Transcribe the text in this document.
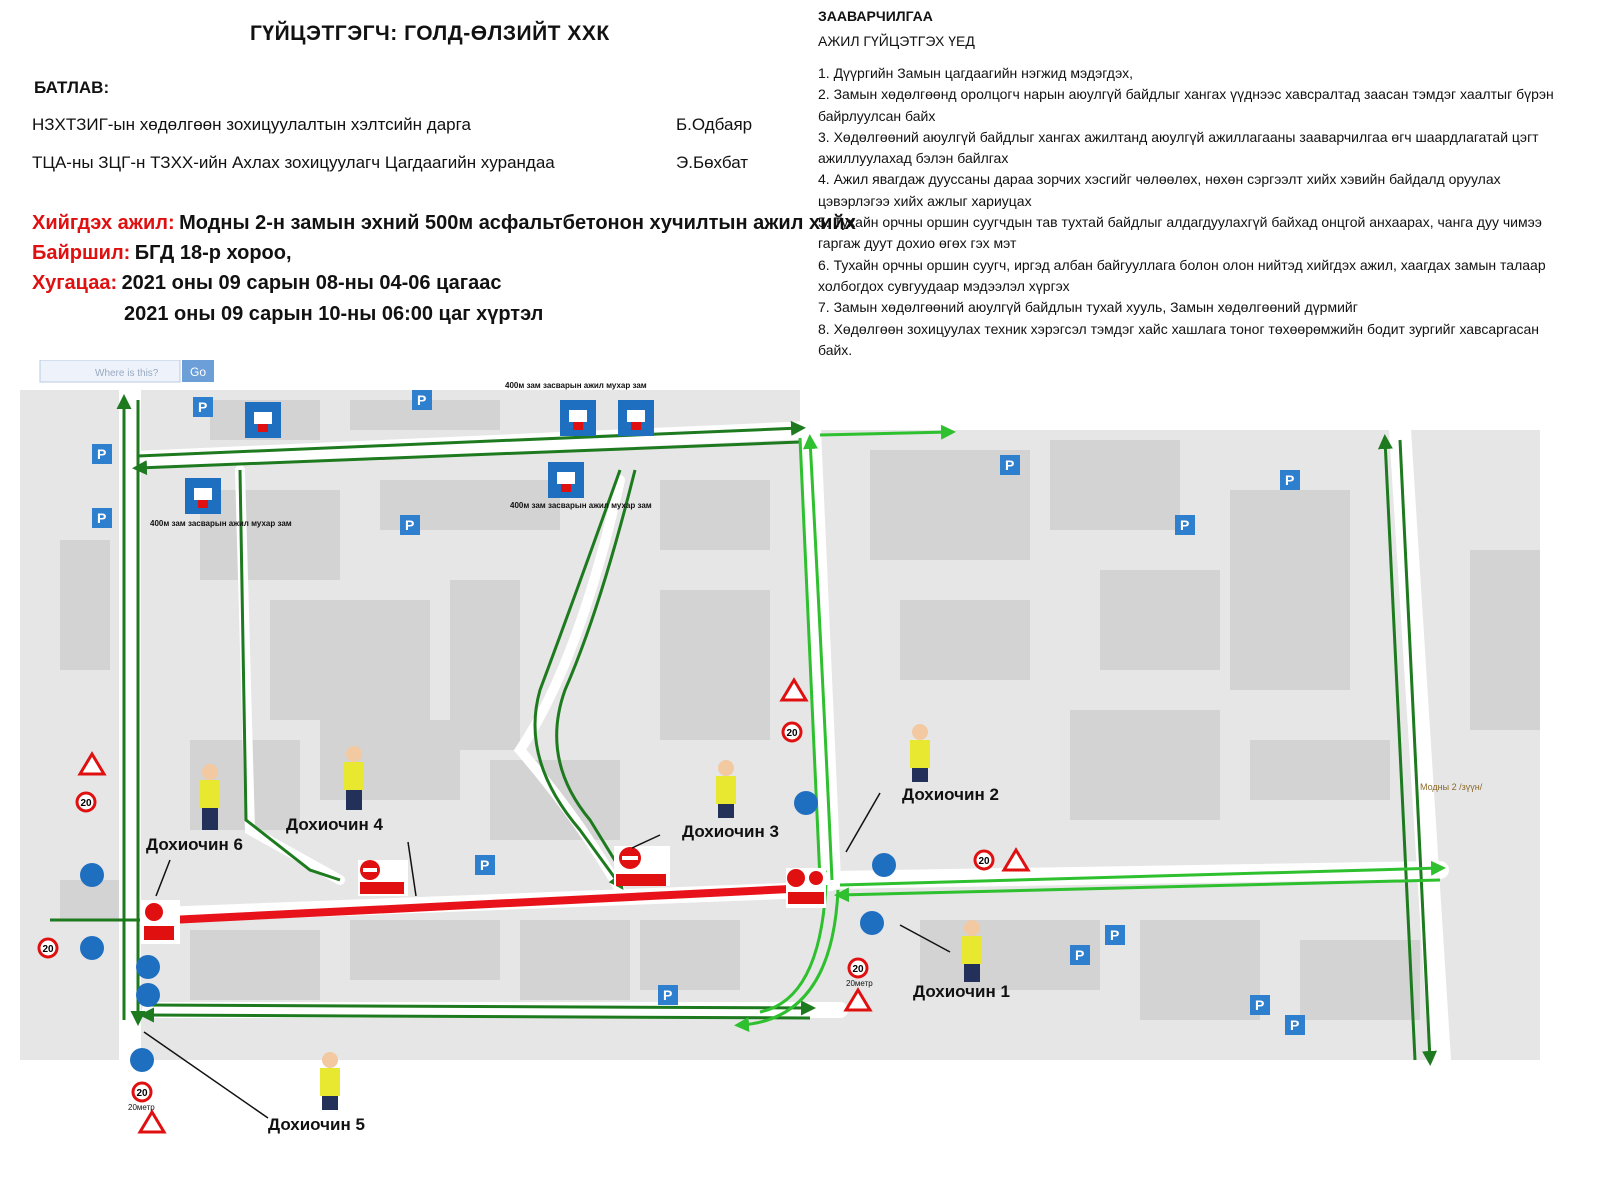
ГҮЙЦЭТГЭГЧ: ГОЛД-ӨЛЗИЙТ ХХК
БАТЛАВ:
НЗХТЗИГ-ын хөдөлгөөн зохицуулалтын хэлтсийн дарга	Б.Одбаяр
ТЦА-ны ЗЦГ-н ТЗХХ-ийн Ахлах зохицуулагч Цагдаагийн хурандаа	Э.Бөхбат
Хийгдэх ажил: Модны 2-н замын эхний 500м асфальтбетонон хучилтын ажил хийх
Байршил: БГД 18-р хороо,
Хугацаа: 2021 оны 09 сарын 08-ны 04-06 цагаас
2021 оны 09 сарын 10-ны 06:00 цаг хүртэл
ЗААВАРЧИЛГАА
АЖИЛ ГҮЙЦЭТГЭХ ҮЕД
1. Дүүргийн Замын цагдаагийн нэгжид мэдэгдэх,
2. Замын хөдөлгөөнд оролцогч нарын аюулгүй байдлыг хангах үүднээс хавсралтад заасан тэмдэг хаалтыг бүрэн байрлуулсан байх
3. Хөдөлгөөний аюулгүй байдлыг хангах ажилтанд аюулгүй ажиллагааны зааварчилгаа өгч шаардлагатай цэгт ажиллуулахад бэлэн байлгах
4. Ажил явагдаж дууссаны дараа зорчих хэсгийг чөлөөлөх, нөхөн сэргээлт хийх хэвийн байдалд оруулах цэвэрлэгээ хийх ажлыг хариуцах
5. Тухайн орчны оршин суугчдын тав тухтай байдлыг алдагдуулахгүй байхад онцгой анхаарах, чанга дуу чимээ гаргаж дуут дохио өгөх гэх мэт
6. Тухайн орчны оршин суугч, иргэд албан байгууллага болон олон нийтэд хийгдэх ажил, хаагдах замын талаар холбогдох сувгуудаар мэдээлэл хүргэх
7. Замын хөдөлгөөний аюулгүй байдлын тухай хууль, Замын хөдөлгөөний дүрмийг
8. Хөдөлгөөн зохицуулах техник хэрэгсэл тэмдэг хайс хашлага тоног төхөөрөмжийн бодит зургийг хавсаргасан байх.
Where is this?	Go
P	P
P
P	P
P
P
P
P
P
P
P
P
P
400м зам засварын ажил мухар зам
400м зам засварын ажил мухар зам
400м зам засварын ажил мухар зам
20
20
20
20
20
20
20метр
20метр Дохиочин 1
Дохиочин 2
Дохиочин 3
Дохиочин 4
Дохиочин 5
Дохиочин 6
Модны 2 /зүүн/
